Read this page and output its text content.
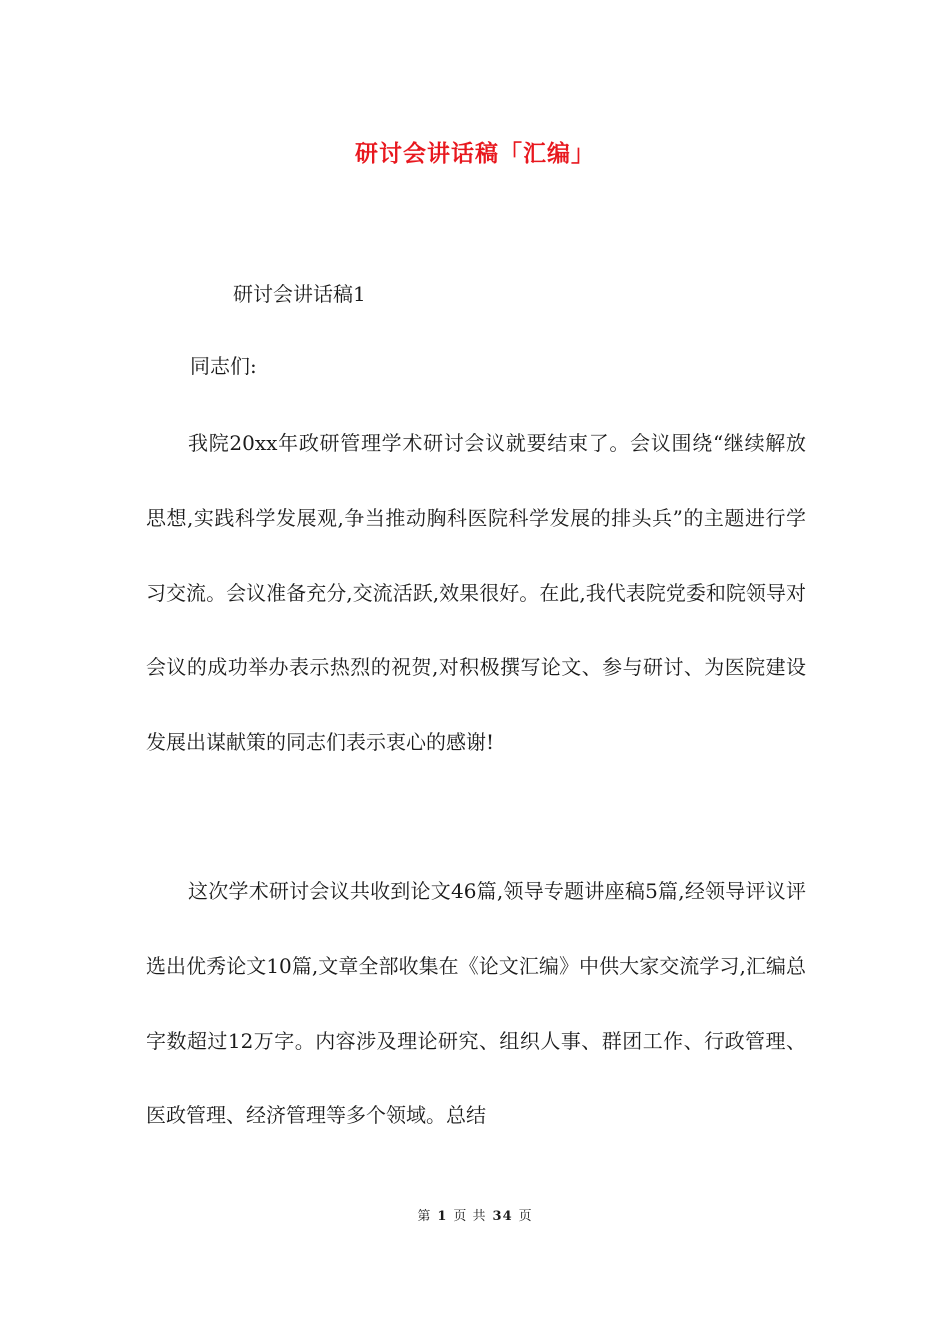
研讨会讲话稿「汇编」
研讨会讲话稿1
同志们:

我院20xx年政研管理学术研讨会议就要结束了。会议围绕“继续解放思想,实践科学发展观,争当推动胸科医院科学发展的排头兵”的主题进行学习交流。会议准备充分,交流活跃,效果很好。在此,我代表院党委和院领导对会议的成功举办表示热烈的祝贺,对积极撰写论文、参与研讨、为医院建设发展出谋献策的同志们表示衷心的感谢!

这次学术研讨会议共收到论文46篇,领导专题讲座稿5篇,经领导评议评选出优秀论文10篇,文章全部收集在《论文汇编》中供大家交流学习,汇编总字数超过12万字。内容涉及理论研究、组织人事、群团工作、行政管理、医政管理、经济管理等多个领域。总结

第 1 页 共 34 页
